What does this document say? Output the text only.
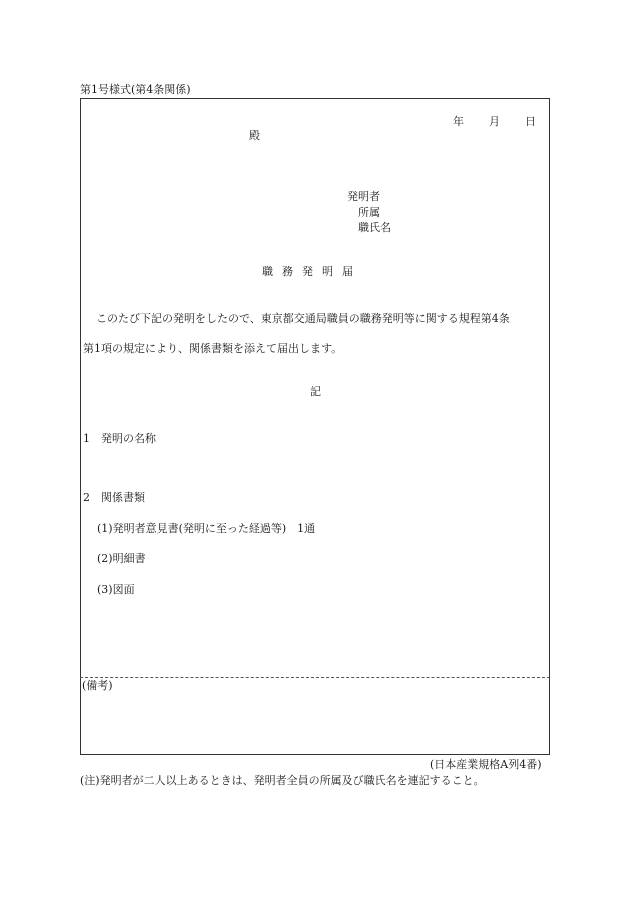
第1号様式(第4条関係)
年 月 日
殿
発明者
所属
職氏名
職務発明届
このたび下記の発明をしたので、東京都交通局職員の職務発明等に関する規程第4条
第1項の規定により、関係書類を添えて届出します。
記
1　発明の名称
2　関係書類
(1)発明者意見書(発明に至った経過等)　1通
(2)明細書
(3)図面
(備考)
(日本産業規格A列4番)
(注)発明者が二人以上あるときは、発明者全員の所属及び職氏名を連記すること。
